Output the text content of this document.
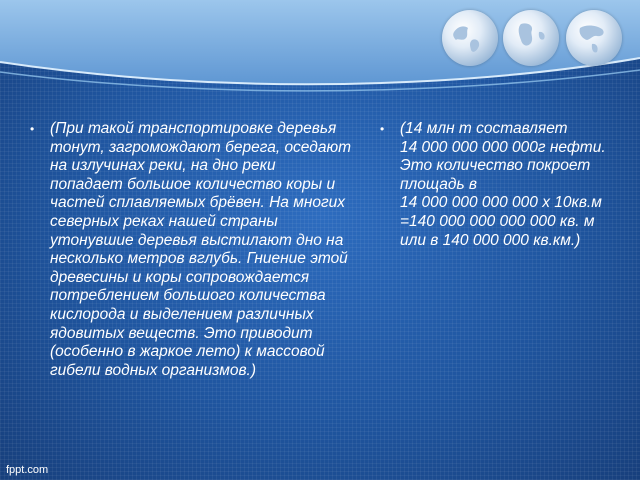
•	(При такой транспортировке деревья тонут, загромождают берега, оседают на излучинах реки, на дно реки попадает большое количество коры и частей сплавляемых брёвен. На многих северных реках нашей страны утонувшие деревья выстилают дно на несколько метров вглубь. Гниение этой древесины и коры сопровождается потреблением большого количества кислорода и выделением различных ядовитых веществ. Это приводит (особенно в жаркое лето) к массовой гибели водных организмов.)
•	(14 млн т составляет
14 000 000 000 000г нефти. Это количество покроет площадь в
14 000 000 000 000 х 10кв.м
=140 000 000 000 000 кв. м или в 140 000 000 кв.км.)
fppt.com
